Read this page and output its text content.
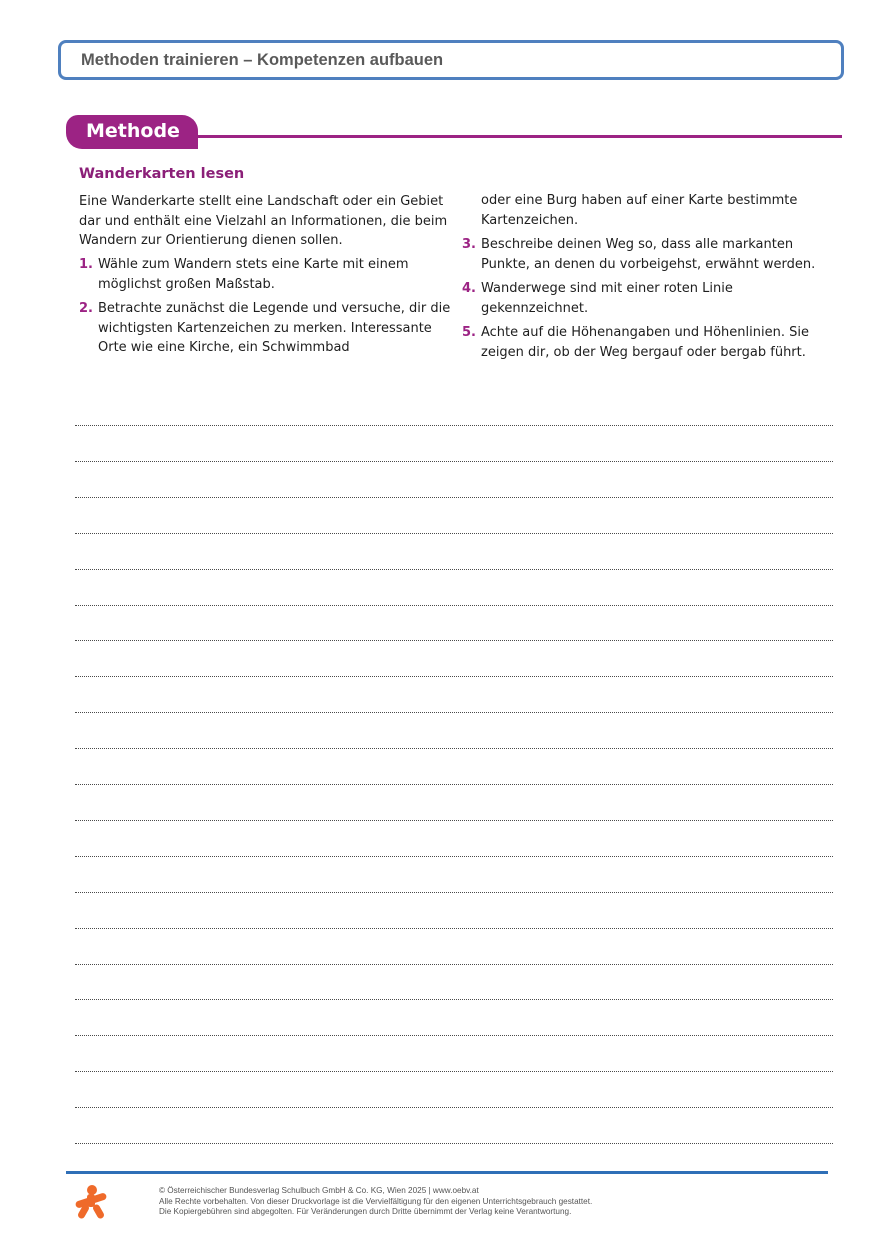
Methoden trainieren – Kompetenzen aufbauen
Methode
Wanderkarten lesen
Eine Wanderkarte stellt eine Landschaft oder ein Gebiet dar und enthält eine Vielzahl an Informationen, die beim Wandern zur Orientierung dienen sollen.
1. Wähle zum Wandern stets eine Karte mit einem möglichst großen Maßstab.
2. Betrachte zunächst die Legende und versuche, dir die wichtigsten Kartenzeichen zu merken. Interessante Orte wie eine Kirche, ein Schwimmbad
oder eine Burg haben auf einer Karte bestimmte Kartenzeichen.
3. Beschreibe deinen Weg so, dass alle markanten Punkte, an denen du vorbeigehst, erwähnt werden.
4. Wanderwege sind mit einer roten Linie gekennzeichnet.
5. Achte auf die Höhenangaben und Höhenlinien. Sie zeigen dir, ob der Weg bergauf oder bergab führt.
© Österreichischer Bundesverlag Schulbuch GmbH & Co. KG, Wien 2025 | www.oebv.at
Alle Rechte vorbehalten. Von dieser Druckvorlage ist die Vervielfältigung für den eigenen Unterrichtsgebrauch gestattet.
Die Kopiergebühren sind abgegolten. Für Veränderungen durch Dritte übernimmt der Verlag keine Verantwortung.
